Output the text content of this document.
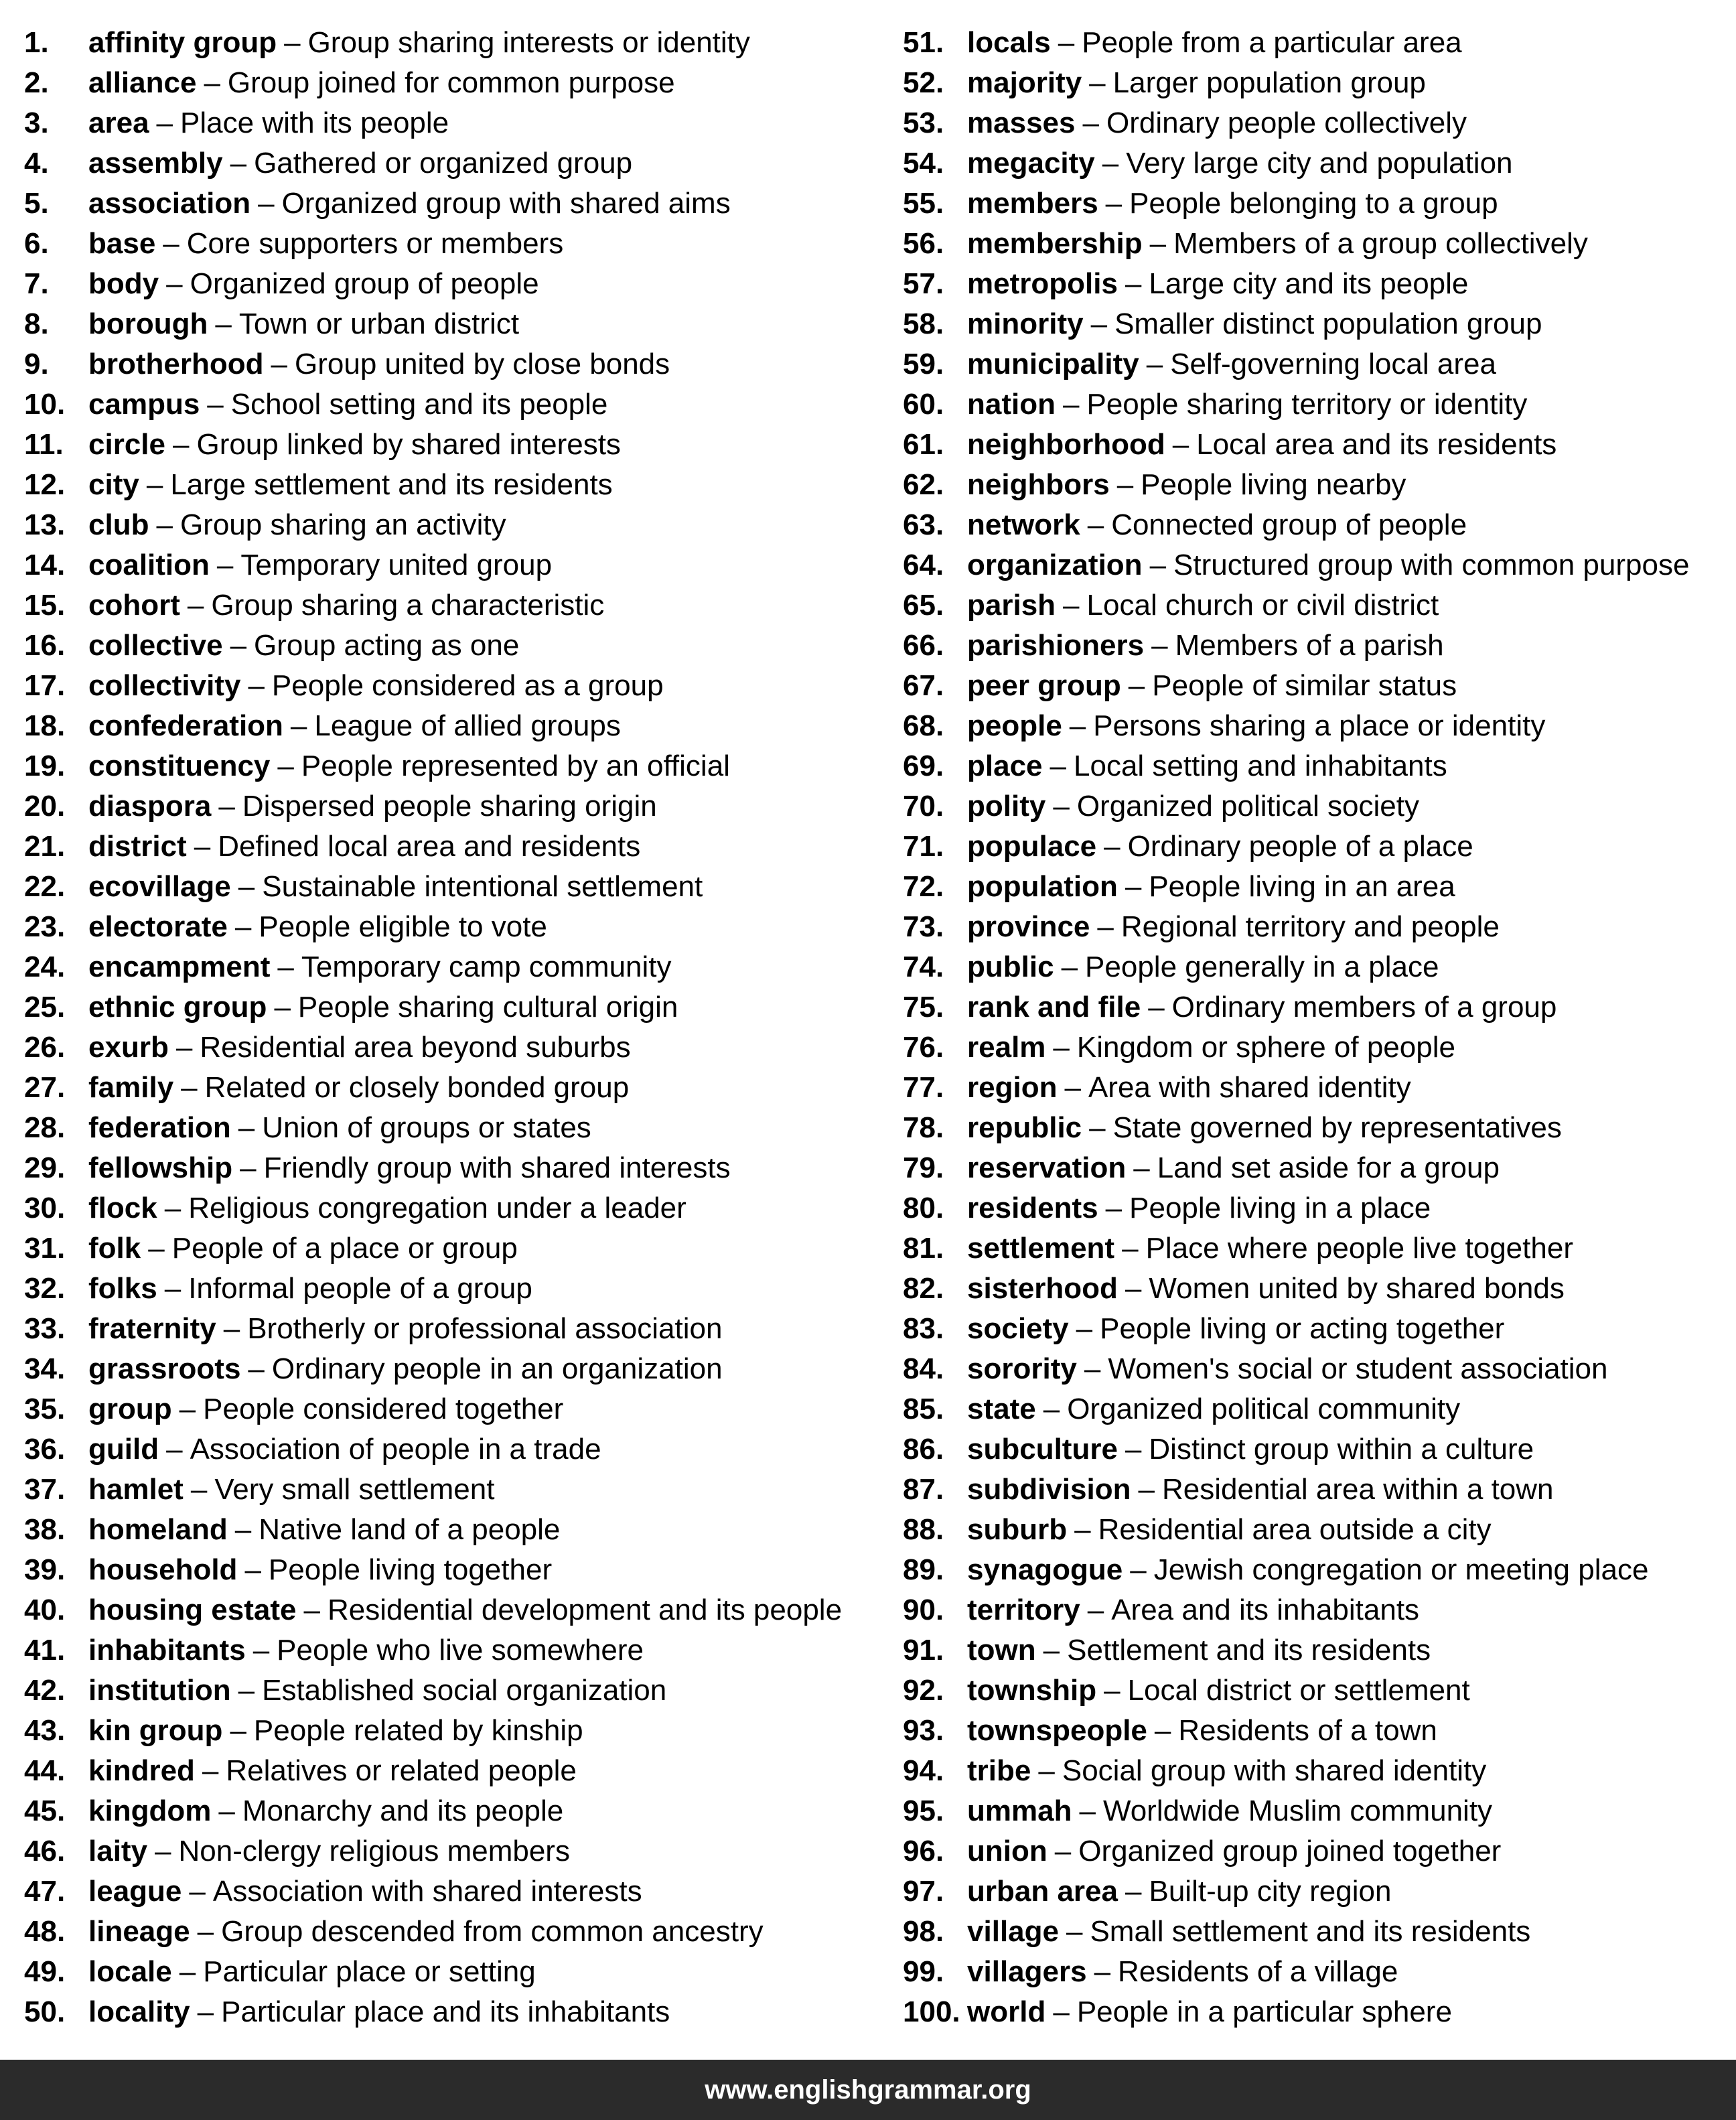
1.	affinity group – Group sharing interests or identity
2.	alliance – Group joined for common purpose
3.	area – Place with its people
4.	assembly – Gathered or organized group
5.	association – Organized group with shared aims
6.	base – Core supporters or members
7.	body – Organized group of people
8.	borough – Town or urban district
9.	brotherhood – Group united by close bonds
10. campus – School setting and its people
11. circle – Group linked by shared interests
12. city – Large settlement and its residents
13. club – Group sharing an activity
14. coalition – Temporary united group
15. cohort – Group sharing a characteristic
16. collective – Group acting as one
17. collectivity – People considered as a group
18. confederation – League of allied groups
19. constituency – People represented by an official
20. diaspora – Dispersed people sharing origin
21. district – Defined local area and residents
22. ecovillage – Sustainable intentional settlement
23. electorate – People eligible to vote
24. encampment – Temporary camp community
25. ethnic group – People sharing cultural origin
26. exurb – Residential area beyond suburbs
27. family – Related or closely bonded group
28. federation – Union of groups or states
29. fellowship – Friendly group with shared interests
30. flock – Religious congregation under a leader
31. folk – People of a place or group
32. folks – Informal people of a group
33. fraternity – Brotherly or professional association
34. grassroots – Ordinary people in an organization
35. group – People considered together
36. guild – Association of people in a trade
37. hamlet – Very small settlement
38. homeland – Native land of a people
39. household – People living together
40. housing estate – Residential development and its people
41. inhabitants – People who live somewhere
42. institution – Established social organization
43. kin group – People related by kinship
44. kindred – Relatives or related people
45. kingdom – Monarchy and its people
46. laity – Non-clergy religious members
47. league – Association with shared interests
48. lineage – Group descended from common ancestry
49. locale – Particular place or setting
50. locality – Particular place and its inhabitants
51. locals – People from a particular area
52. majority – Larger population group
53. masses – Ordinary people collectively
54. megacity – Very large city and population
55. members – People belonging to a group
56. membership – Members of a group collectively
57. metropolis – Large city and its people
58. minority – Smaller distinct population group
59. municipality – Self-governing local area
60. nation – People sharing territory or identity
61. neighborhood – Local area and its residents
62. neighbors – People living nearby
63. network – Connected group of people
64. organization – Structured group with common purpose
65. parish – Local church or civil district
66. parishioners – Members of a parish
67. peer group – People of similar status
68. people – Persons sharing a place or identity
69. place – Local setting and inhabitants
70. polity – Organized political society
71. populace – Ordinary people of a place
72. population – People living in an area
73. province – Regional territory and people
74. public – People generally in a place
75. rank and file – Ordinary members of a group
76. realm – Kingdom or sphere of people
77. region – Area with shared identity
78. republic – State governed by representatives
79. reservation – Land set aside for a group
80. residents – People living in a place
81. settlement – Place where people live together
82. sisterhood – Women united by shared bonds
83. society – People living or acting together
84. sorority – Women's social or student association
85. state – Organized political community
86. subculture – Distinct group within a culture
87. subdivision – Residential area within a town
88. suburb – Residential area outside a city
89. synagogue – Jewish congregation or meeting place
90. territory – Area and its inhabitants
91. town – Settlement and its residents
92. township – Local district or settlement
93. townspeople – Residents of a town
94. tribe – Social group with shared identity
95. ummah – Worldwide Muslim community
96. union – Organized group joined together
97. urban area – Built-up city region
98. village – Small settlement and its residents
99. villagers – Residents of a village
100. world – People in a particular sphere
www.englishgrammar.org
